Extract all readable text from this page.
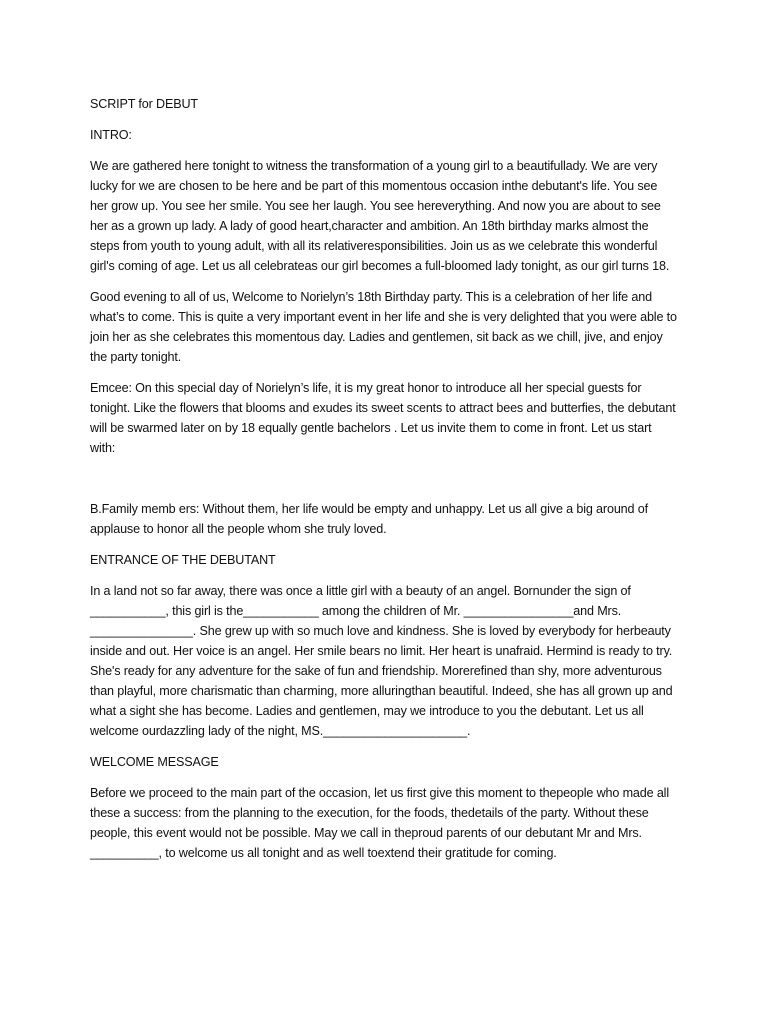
SCRIPT for DEBUT

INTRO:

We are gathered here tonight to witness the transformation of a young girl to a beautifullady. We are very lucky for we are chosen to be here and be part of this momentous occasion inthe debutant's life. You see her grow up. You see her smile. You see her laugh. You see hereverything. And now you are about to see her as a grown up lady. A lady of good heart,character and ambition. An 18th birthday marks almost the steps from youth to young adult, with all its relativeresponsibilities. Join us as we celebrate this wonderful girl's coming of age. Let us all celebrateas our girl becomes a full-bloomed lady tonight, as our girl turns 18.

Good evening to all of us, Welcome to Norielyn’s 18th Birthday party. This is a celebration of her life and what’s to come. This is quite a very important event in her life and she is very delighted that you were able to join her as she celebrates this momentous day. Ladies and gentlemen, sit back as we chill, jive, and enjoy the party tonight.

Emcee: On this special day of Norielyn’s life, it is my great honor to introduce all her special guests for tonight. Like the flowers that blooms and exudes its sweet scents to attract bees and butterfies, the debutant will be swarmed later on by 18 equally gentle bachelors . Let us invite them to come in front. Let us start with:

B.Family memb ers: Without them, her life would be empty and unhappy. Let us all give a big around of applause to honor all the people whom she truly loved.

ENTRANCE OF THE DEBUTANT

In a land not so far away, there was once a little girl with a beauty of an angel. Bornunder the sign of ___________, this girl is the___________ among the children of Mr. ________________and Mrs. _______________. She grew up with so much love and kindness. She is loved by everybody for herbeauty inside and out. Her voice is an angel. Her smile bears no limit. Her heart is unafraid. Hermind is ready to try. She's ready for any adventure for the sake of fun and friendship. Morerefined than shy, more adventurous than playful, more charismatic than charming, more alluringthan beautiful. Indeed, she has all grown up and what a sight she has become. Ladies and gentlemen, may we introduce to you the debutant. Let us all welcome ourdazzling lady of the night, MS._____________________.

WELCOME MESSAGE

Before we proceed to the main part of the occasion, let us first give this moment to thepeople who made all these a success: from the planning to the execution, for the foods, thedetails of the party. Without these people, this event would not be possible. May we call in theproud parents of our debutant Mr and Mrs. __________, to welcome us all tonight and as well toextend their gratitude for coming.
